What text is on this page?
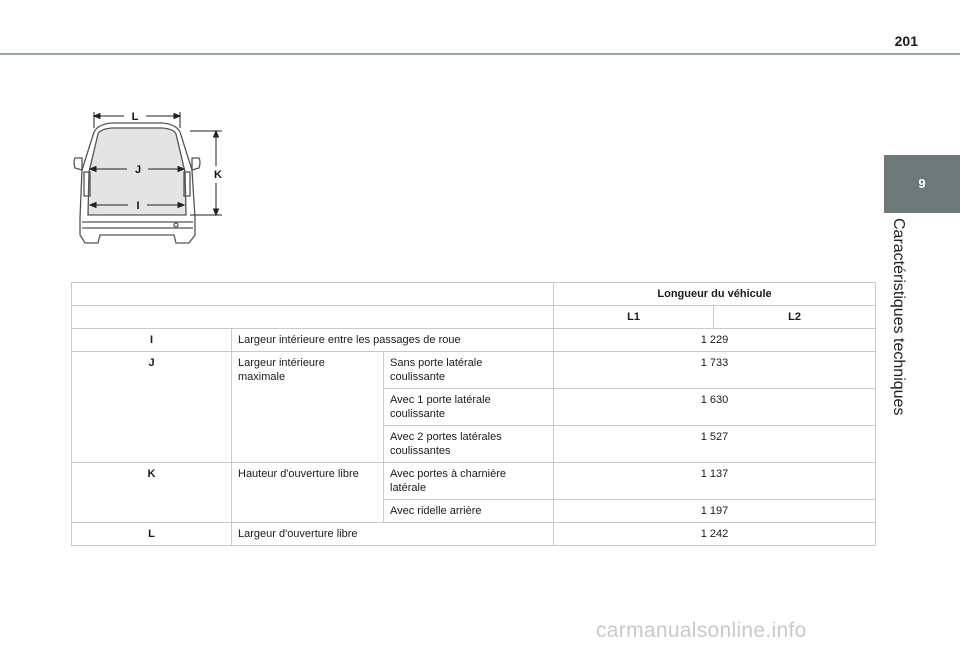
201
9
Caractéristiques techniques
L
J
I
K
			Longueur du véhicule	
			L1	L2
I	Largeur intérieure entre les passages de roue		1 229	
J	Largeur intérieure maximale	Sans porte latérale coulissante	1 733	
		Avec 1 porte latérale coulissante	1 630	
		Avec 2 portes latérales coulissantes	1 527	
K	Hauteur d'ouverture libre	Avec portes à charnière latérale	1 137	
		Avec ridelle arrière	1 197	
L	Largeur d'ouverture libre		1 242	
carmanualsonline.info
